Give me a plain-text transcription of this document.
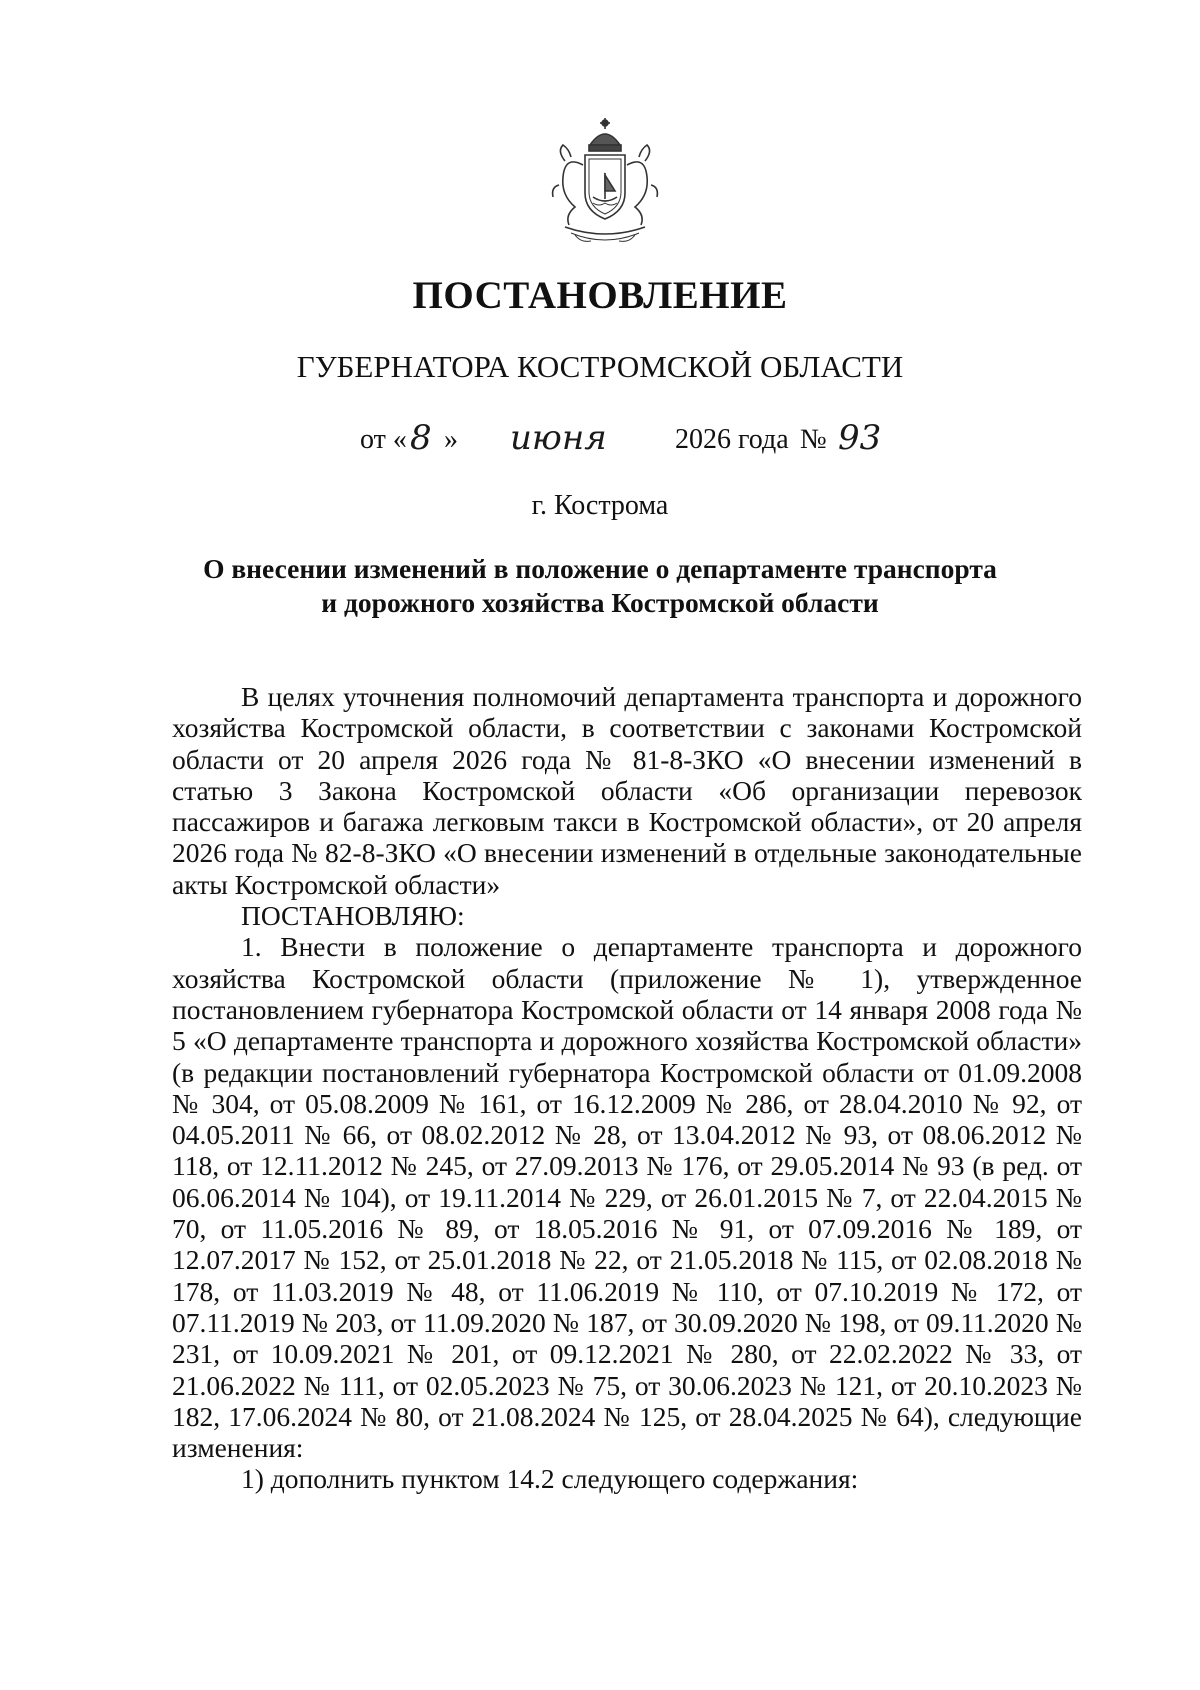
ПОСТАНОВЛЕНИЕ
ГУБЕРНАТОРА КОСТРОМСКОЙ ОБЛАСТИ
от « 8 » июня 2026 года № 93
г. Кострома
О внесении изменений в положение о департаменте транспорта
и дорожного хозяйства Костромской области

В целях уточнения полномочий департамента транспорта и дорожного хозяйства Костромской области, в соответствии с законами Костромской области от 20 апреля 2026 года № 81-8-ЗКО «О внесении изменений в статью 3 Закона Костромской области «Об организации перевозок пассажиров и багажа легковым такси в Костромской области», от 20 апреля 2026 года № 82-8-ЗКО «О внесении изменений в отдельные законодательные акты Костромской области»

ПОСТАНОВЛЯЮ:

1. Внести в положение о департаменте транспорта и дорожного хозяйства Костромской области (приложение № 1), утвержденное постановлением губернатора Костромской области от 14 января 2008 года № 5 «О департаменте транспорта и дорожного хозяйства Костромской области» (в редакции постановлений губернатора Костромской области от 01.09.2008 № 304, от 05.08.2009 № 161, от 16.12.2009 № 286, от 28.04.2010 № 92, от 04.05.2011 № 66, от 08.02.2012 № 28, от 13.04.2012 № 93, от 08.06.2012 № 118, от 12.11.2012 № 245, от 27.09.2013 № 176, от 29.05.2014 № 93 (в ред. от 06.06.2014 № 104), от 19.11.2014 № 229, от 26.01.2015 № 7, от 22.04.2015 № 70, от 11.05.2016 № 89, от 18.05.2016 № 91, от 07.09.2016 № 189, от 12.07.2017 № 152, от 25.01.2018 № 22, от 21.05.2018 № 115, от 02.08.2018 № 178, от 11.03.2019 № 48, от 11.06.2019 № 110, от 07.10.2019 № 172, от 07.11.2019 № 203, от 11.09.2020 № 187, от 30.09.2020 № 198, от 09.11.2020 № 231, от 10.09.2021 № 201, от 09.12.2021 № 280, от 22.02.2022 № 33, от 21.06.2022 № 111, от 02.05.2023 № 75, от 30.06.2023 № 121, от 20.10.2023 № 182, 17.06.2024 № 80, от 21.08.2024 № 125, от 28.04.2025 № 64), следующие изменения:

1) дополнить пунктом 14.2 следующего содержания:
